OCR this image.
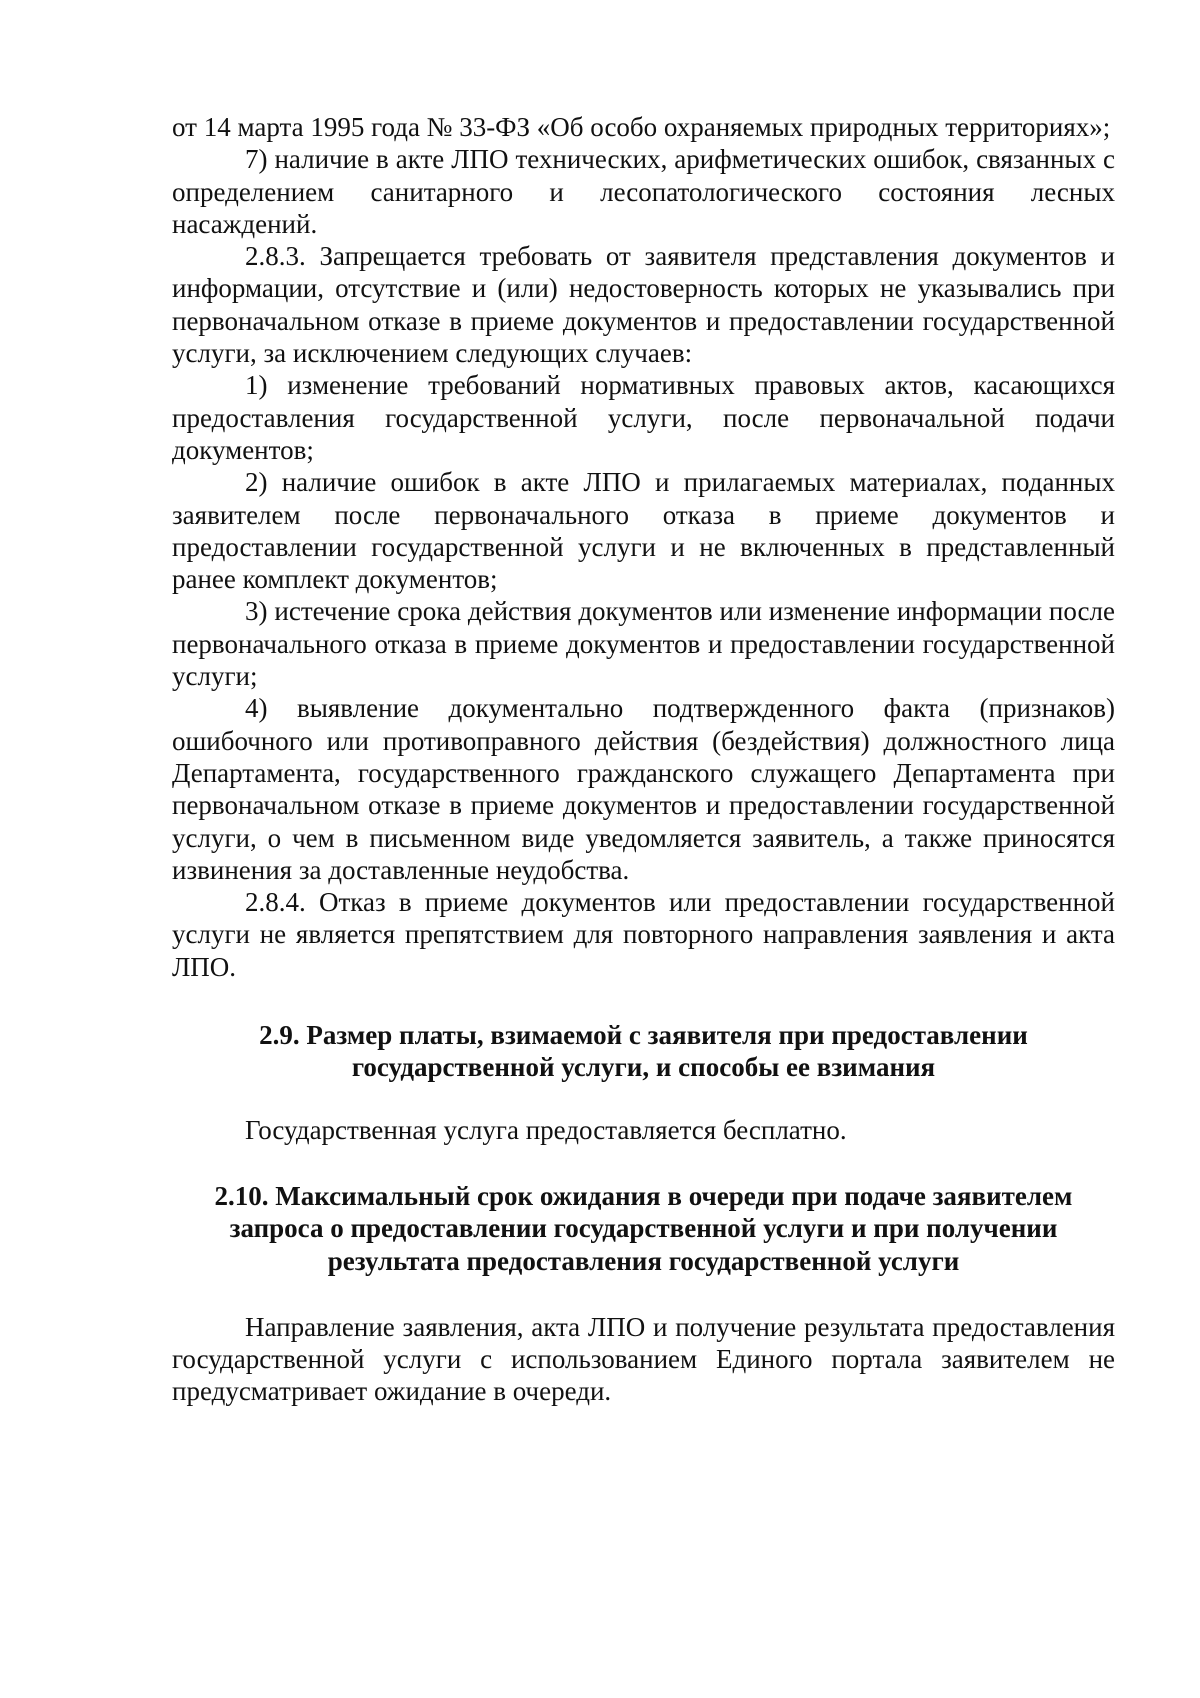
от 14 марта 1995 года № 33-ФЗ «Об особо охраняемых природных территориях»;

7) наличие в акте ЛПО технических, арифметических ошибок, связанных с определением санитарного и лесопатологического состояния лесных насаждений.

2.8.3. Запрещается требовать от заявителя представления документов и информации, отсутствие и (или) недостоверность которых не указывались при первоначальном отказе в приеме документов и предоставлении государственной услуги, за исключением следующих случаев:

1) изменение требований нормативных правовых актов, касающихся предоставления государственной услуги, после первоначальной подачи документов;

2) наличие ошибок в акте ЛПО и прилагаемых материалах, поданных заявителем после первоначального отказа в приеме документов и предоставлении государственной услуги и не включенных в представленный ранее комплект документов;

3) истечение срока действия документов или изменение информации после первоначального отказа в приеме документов и предоставлении государственной услуги;

4) выявление документально подтвержденного факта (признаков) ошибочного или противоправного действия (бездействия) должностного лица Департамента, государственного гражданского служащего Департамента при первоначальном отказе в приеме документов и предоставлении государственной услуги, о чем в письменном виде уведомляется заявитель, а также приносятся извинения за доставленные неудобства.

2.8.4. Отказ в приеме документов или предоставлении государственной услуги не является препятствием для повторного направления заявления и акта ЛПО.

2.9. Размер платы, взимаемой с заявителя при предоставлении
государственной услуги, и способы ее взимания

Государственная услуга предоставляется бесплатно.

2.10. Максимальный срок ожидания в очереди при подаче заявителем
запроса о предоставлении государственной услуги и при получении
результата предоставления государственной услуги

Направление заявления, акта ЛПО и получение результата предоставления государственной услуги с использованием Единого портала заявителем не предусматривает ожидание в очереди.
